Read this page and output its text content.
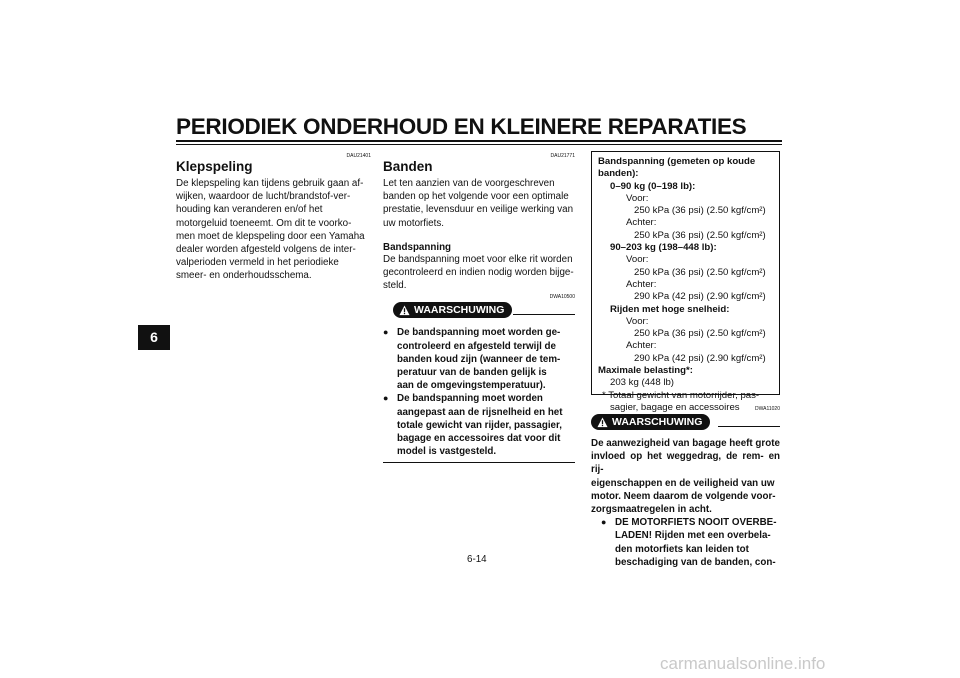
PERIODIEK ONDERHOUD EN KLEINERE REPARATIES
6
DAU21401
Klepspeling
De klepspeling kan tijdens gebruik gaan af-
wijken, waardoor de lucht/brandstof-ver-
houding kan veranderen en/of het
motorgeluid toeneemt. Om dit te voorko-
men moet de klepspeling door een Yamaha
dealer worden afgesteld volgens de inter-
valperioden vermeld in het periodieke
smeer- en onderhoudsschema.
DAU21771
Banden
Let ten aanzien van de voorgeschreven
banden op het volgende voor een optimale
prestatie, levensduur en veilige werking van
uw motorfiets.
Bandspanning
De bandspanning moet voor elke rit worden
gecontroleerd en indien nodig worden bijge-
steld.
DWA10500
WAARSCHUWING
● De bandspanning moet worden ge-
controleerd en afgesteld terwijl de
banden koud zijn (wanneer de tem-
peratuur van de banden gelijk is
aan de omgevingstemperatuur).
● De bandspanning moet worden
aangepast aan de rijsnelheid en het
totale gewicht van rijder, passagier,
bagage en accessoires dat voor dit
model is vastgesteld.
Bandspanning (gemeten op koude
banden):
0–90 kg (0–198 lb):
Voor:
250 kPa (36 psi) (2.50 kgf/cm²)
Achter:
250 kPa (36 psi) (2.50 kgf/cm²)
90–203 kg (198–448 lb):
Voor:
250 kPa (36 psi) (2.50 kgf/cm²)
Achter:
290 kPa (42 psi) (2.90 kgf/cm²)
Rijden met hoge snelheid:
Voor:
250 kPa (36 psi) (2.50 kgf/cm²)
Achter:
290 kPa (42 psi) (2.90 kgf/cm²)
Maximale belasting*:
203 kg (448 lb)
* Totaal gewicht van motorrijder, pas-
sagier, bagage en accessoires	DWA11020
WAARSCHUWING
De aanwezigheid van bagage heeft grote
invloed op het weggedrag, de rem- en rij-
eigenschappen en de veiligheid van uw
motor. Neem daarom de volgende voor-
zorgsmaatregelen in acht.
● DE MOTORFIETS NOOIT OVERBE-
LADEN! Rijden met een overbela-
den motorfiets kan leiden tot
beschadiging van de banden, con-
6-14
carmanualsonline.info
